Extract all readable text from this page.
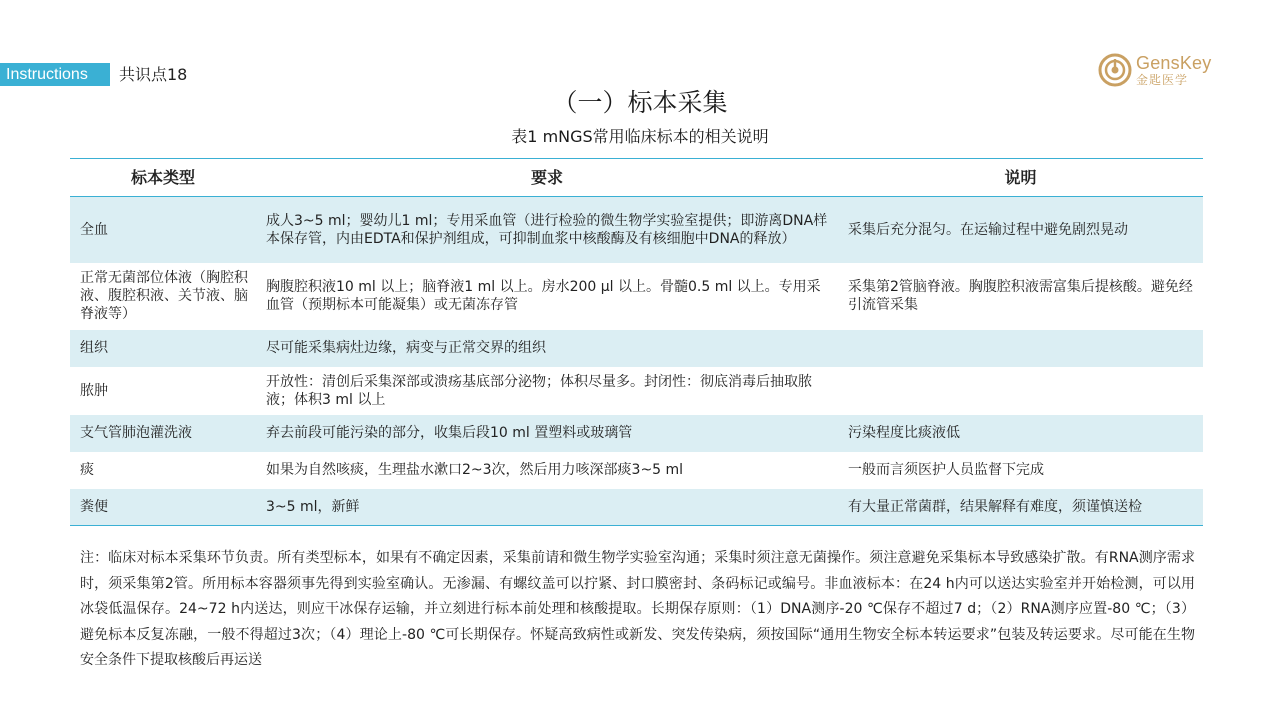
Instructions	共识点18
GensKey
金匙医学
（一）标本采集
表1 mNGS常用临床标本的相关说明
标本类型	要求	说明
全血	成人3~5 ml；婴幼儿1 ml；专用采血管（进行检验的微生物学实验室提供；即游离DNA样本保存管，内由EDTA和保护剂组成，可抑制血浆中核酸酶及有核细胞中DNA的释放）	采集后充分混匀。在运输过程中避免剧烈晃动
正常无菌部位体液（胸腔积液、腹腔积液、关节液、脑脊液等）	胸腹腔积液10 ml 以上；脑脊液1 ml 以上。房水200 μl 以上。骨髓0.5 ml 以上。专用采血管（预期标本可能凝集）或无菌冻存管	采集第2管脑脊液。胸腹腔积液需富集后提核酸。避免经引流管采集
组织	尽可能采集病灶边缘，病变与正常交界的组织	
脓肿	开放性：清创后采集深部或溃疡基底部分泌物；体积尽量多。封闭性：彻底消毒后抽取脓液；体积3 ml 以上	
支气管肺泡灌洗液	弃去前段可能污染的部分，收集后段10 ml 置塑料或玻璃管	污染程度比痰液低
痰	如果为自然咳痰，生理盐水漱口2~3次，然后用力咳深部痰3~5 ml	一般而言须医护人员监督下完成
粪便	3~5 ml，新鲜	有大量正常菌群，结果解释有难度，须谨慎送检
注：临床对标本采集环节负责。所有类型标本，如果有不确定因素，采集前请和微生物学实验室沟通；采集时须注意无菌操作。须注意避免采集标本导致感染扩散。有RNA测序需求时，须采集第2管。所用标本容器须事先得到实验室确认。无渗漏、有螺纹盖可以拧紧、封口膜密封、条码标记或编号。非血液标本：在24 h内可以送达实验室并开始检测，可以用冰袋低温保存。24~72 h内送达，则应干冰保存运输，并立刻进行标本前处理和核酸提取。长期保存原则：（1）DNA测序-20 ℃保存不超过7 d；（2）RNA测序应置-80 ℃；（3）避免标本反复冻融，一般不得超过3次；（4）理论上-80 ℃可长期保存。怀疑高致病性或新发、突发传染病，须按国际“通用生物安全标本转运要求”包装及转运要求。尽可能在生物安全条件下提取核酸后再运送
